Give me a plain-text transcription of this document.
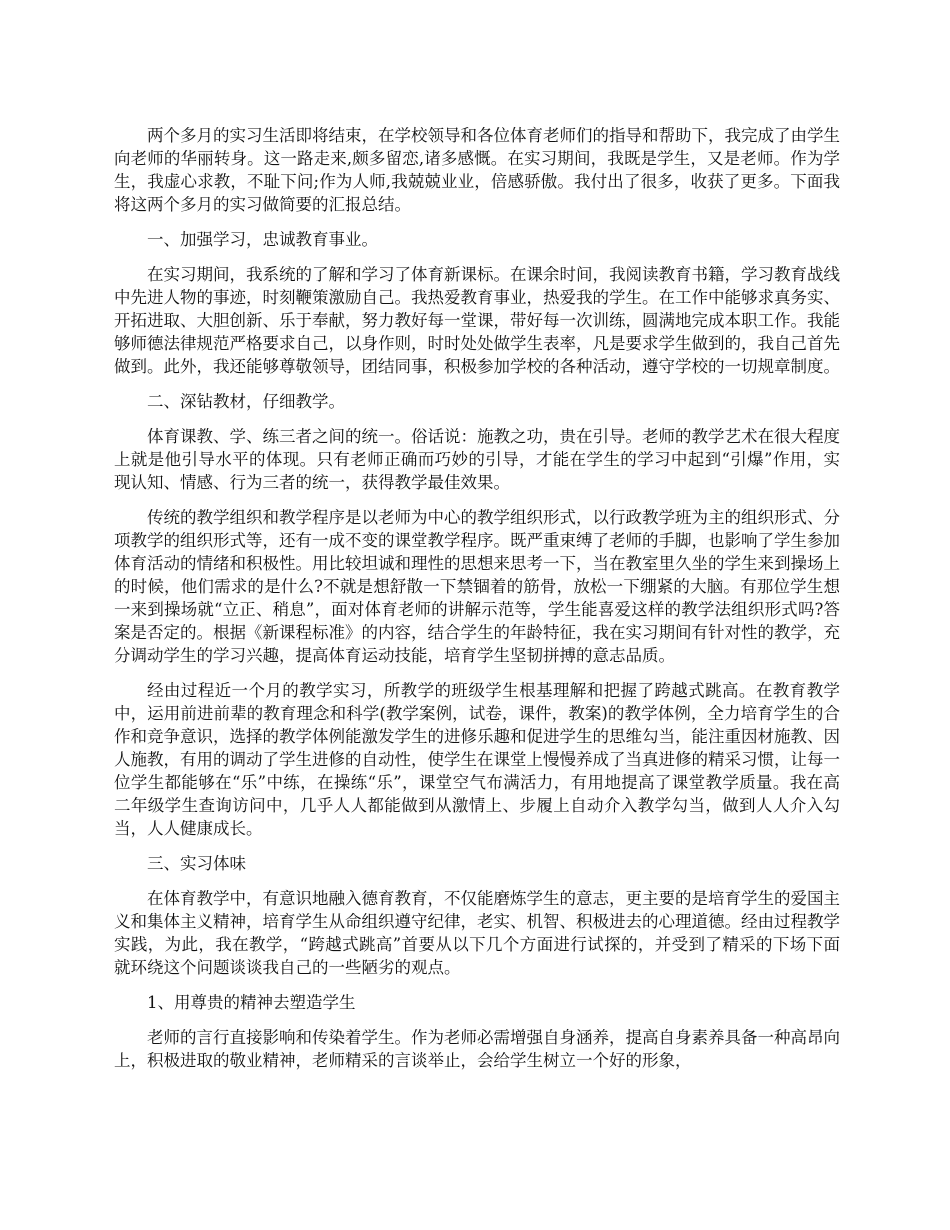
两个多月的实习生活即将结束，在学校领导和各位体育老师们的指导和帮助下，我完成了由学生向老师的华丽转身。这一路走来,颇多留恋,诸多感慨。在实习期间，我既是学生，又是老师。作为学生，我虚心求教，不耻下问;作为人师,我兢兢业业，倍感骄傲。我付出了很多，收获了更多。下面我将这两个多月的实习做简要的汇报总结。

一、加强学习，忠诚教育事业。

在实习期间，我系统的了解和学习了体育新课标。在课余时间，我阅读教育书籍，学习教育战线中先进人物的事迹，时刻鞭策激励自己。我热爱教育事业，热爱我的学生。在工作中能够求真务实、开拓进取、大胆创新、乐于奉献，努力教好每一堂课，带好每一次训练，圆满地完成本职工作。我能够师德法律规范严格要求自己，以身作则，时时处处做学生表率，凡是要求学生做到的，我自己首先做到。此外，我还能够尊敬领导，团结同事，积极参加学校的各种活动，遵守学校的一切规章制度。

二、深钻教材，仔细教学。

体育课教、学、练三者之间的统一。俗话说：施教之功，贵在引导。老师的教学艺术在很大程度上就是他引导水平的体现。只有老师正确而巧妙的引导，才能在学生的学习中起到“引爆”作用，实现认知、情感、行为三者的统一，获得教学最佳效果。

传统的教学组织和教学程序是以老师为中心的教学组织形式，以行政教学班为主的组织形式、分项教学的组织形式等，还有一成不变的课堂教学程序。既严重束缚了老师的手脚，也影响了学生参加体育活动的情绪和积极性。用比较坦诚和理性的思想来思考一下，当在教室里久坐的学生来到操场上的时候，他们需求的是什么?不就是想舒散一下禁锢着的筋骨，放松一下绷紧的大脑。有那位学生想一来到操场就“立正、稍息”，面对体育老师的讲解示范等，学生能喜爱这样的教学法组织形式吗?答案是否定的。根据《新课程标准》的内容，结合学生的年龄特征，我在实习期间有针对性的教学，充分调动学生的学习兴趣，提高体育运动技能，培育学生坚韧拼搏的意志品质。

经由过程近一个月的教学实习，所教学的班级学生根基理解和把握了跨越式跳高。在教育教学中，运用前进前辈的教育理念和科学(教学案例，试卷，课件，教案)的教学体例，全力培育学生的合作和竞争意识，选择的教学体例能激发学生的进修乐趣和促进学生的思维勾当，能注重因材施教、因人施教，有用的调动了学生进修的自动性，使学生在课堂上慢慢养成了当真进修的精采习惯，让每一位学生都能够在“乐”中练，在操练“乐”，课堂空气布满活力，有用地提高了课堂教学质量。我在高二年级学生查询访问中，几乎人人都能做到从激情上、步履上自动介入教学勾当，做到人人介入勾当，人人健康成长。

三、实习体味

在体育教学中，有意识地融入德育教育，不仅能磨炼学生的意志，更主要的是培育学生的爱国主义和集体主义精神，培育学生从命组织遵守纪律，老实、机智、积极进去的心理道德。经由过程教学实践，为此，我在教学，“跨越式跳高”首要从以下几个方面进行试探的，并受到了精采的下场下面就环绕这个问题谈谈我自己的一些陋劣的观点。

1、用尊贵的精神去塑造学生

老师的言行直接影响和传染着学生。作为老师必需增强自身涵养，提高自身素养具备一种高昂向上，积极进取的敬业精神，老师精采的言谈举止，会给学生树立一个好的形象，
